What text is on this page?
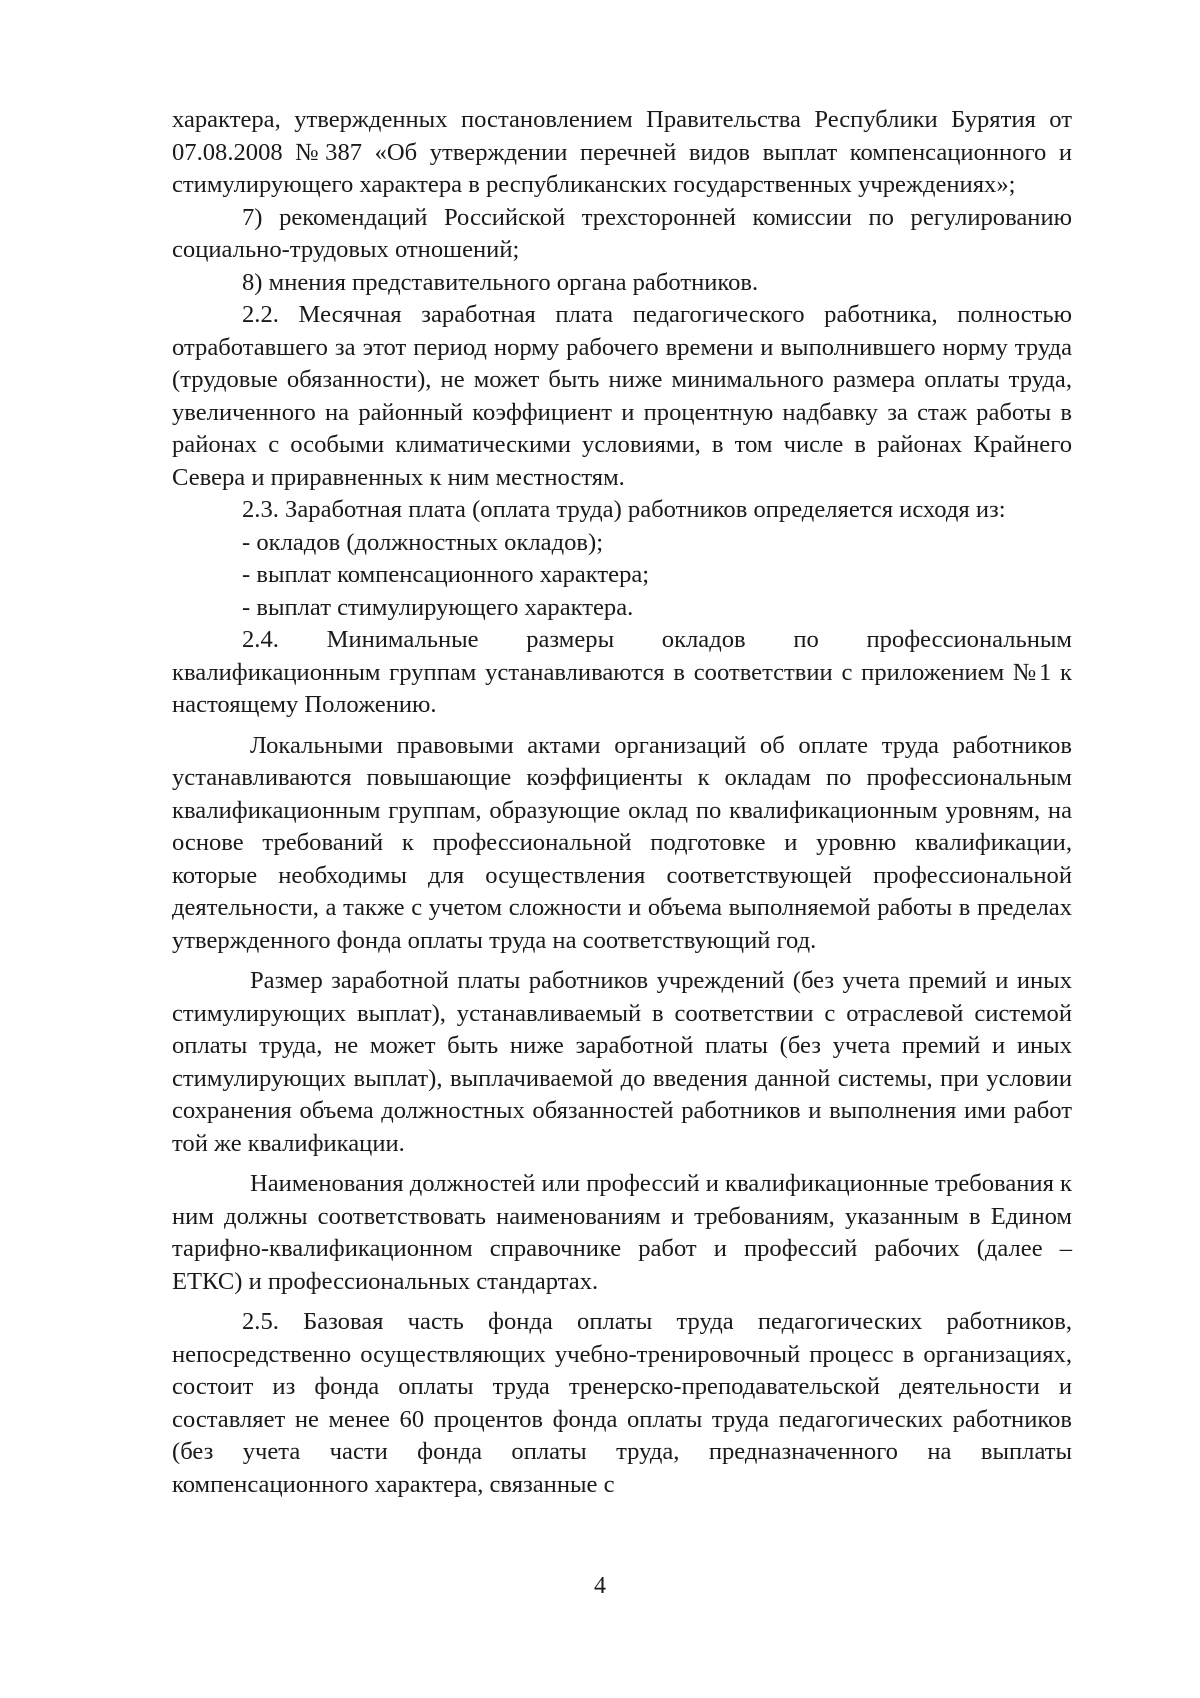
характера, утвержденных постановлением Правительства Республики Бурятия от 07.08.2008 №387 «Об утверждении перечней видов выплат компенсационного и стимулирующего характера в республиканских государственных учреждениях»;

7) рекомендаций Российской трехсторонней комиссии по регулированию социально-трудовых отношений;

8) мнения представительного органа работников.

2.2. Месячная заработная плата педагогического работника, полностью отработавшего за этот период норму рабочего времени и выполнившего норму труда (трудовые обязанности), не может быть ниже минимального размера оплаты труда, увеличенного на районный коэффициент и процентную надбавку за стаж работы в районах с особыми климатическими условиями, в том числе в районах Крайнего Севера и приравненных к ним местностям.

2.3. Заработная плата (оплата труда) работников определяется исходя из:

- окладов (должностных окладов);

- выплат компенсационного характера;

- выплат стимулирующего характера.

2.4. Минимальные размеры окладов по профессиональным квалификационным группам устанавливаются в соответствии с приложением №1 к настоящему Положению.

Локальными правовыми актами организаций об оплате труда работников устанавливаются повышающие коэффициенты к окладам по профессиональным квалификационным группам, образующие оклад по квалификационным уровням, на основе требований к профессиональной подготовке и уровню квалификации, которые необходимы для осуществления соответствующей профессиональной деятельности, а также с учетом сложности и объема выполняемой работы в пределах утвержденного фонда оплаты труда на соответствующий год.

Размер заработной платы работников учреждений (без учета премий и иных стимулирующих выплат), устанавливаемый в соответствии с отраслевой системой оплаты труда, не может быть ниже заработной платы (без учета премий и иных стимулирующих выплат), выплачиваемой до введения данной системы, при условии сохранения объема должностных обязанностей работников и выполнения ими работ той же квалификации.

Наименования должностей или профессий и квалификационные требования к ним должны соответствовать наименованиям и требованиям, указанным в Едином тарифно-квалификационном справочнике работ и профессий рабочих (далее – ЕТКС) и профессиональных стандартах.

2.5. Базовая часть фонда оплаты труда педагогических работников, непосредственно осуществляющих учебно-тренировочный процесс в организациях, состоит из фонда оплаты труда тренерско-преподавательской деятельности и составляет не менее 60 процентов фонда оплаты труда педагогических работников (без учета части фонда оплаты труда, предназначенного на выплаты компенсационного характера, связанные с

4
